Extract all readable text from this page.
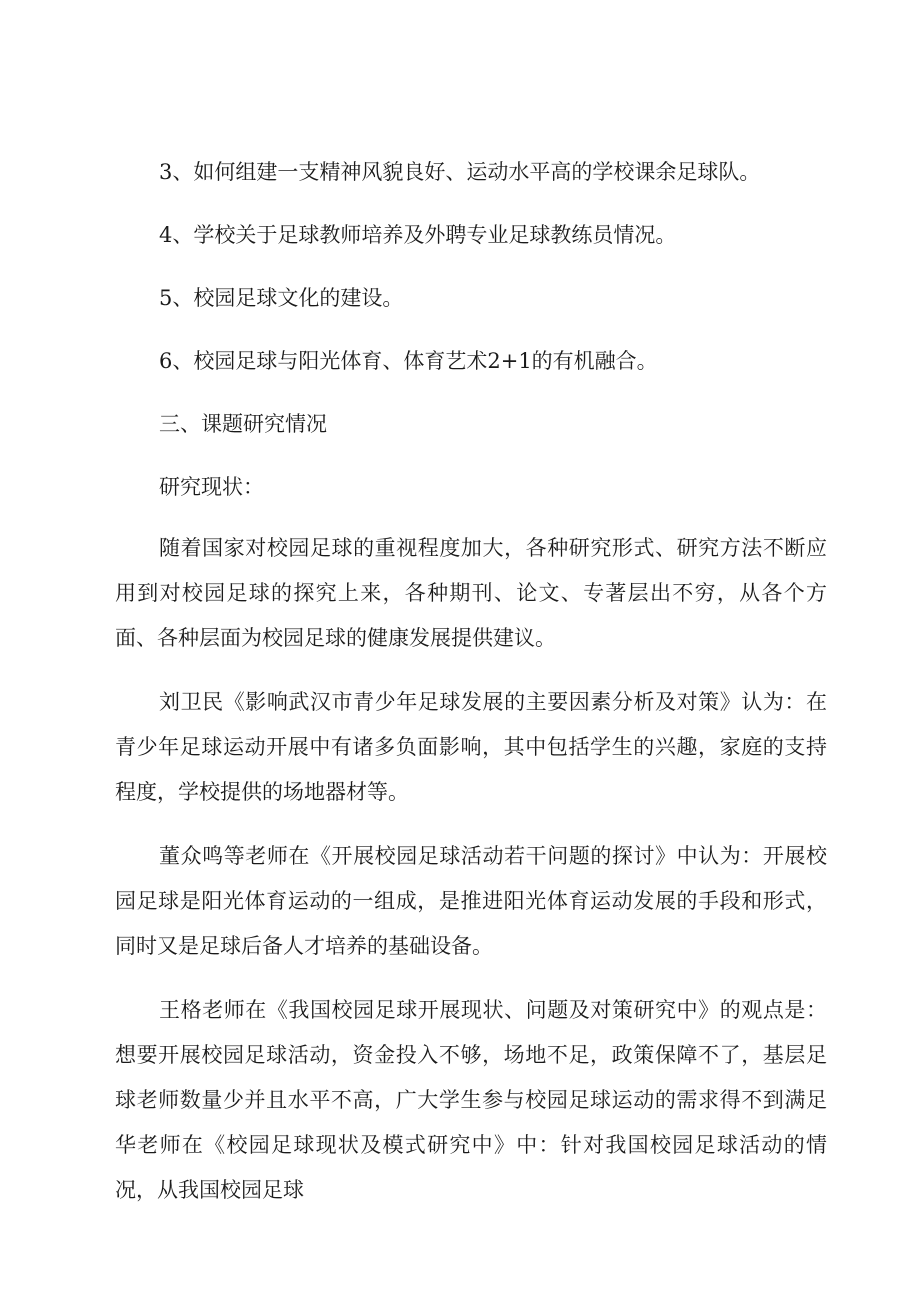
3、如何组建一支精神风貌良好、运动水平高的学校课余足球队。
4、学校关于足球教师培养及外聘专业足球教练员情况。
5、校园足球文化的建设。
6、校园足球与阳光体育、体育艺术2+1的有机融合。
三、课题研究情况
研究现状：

随着国家对校园足球的重视程度加大，各种研究形式、研究方法不断应用到对校园足球的探究上来，各种期刊、论文、专著层出不穷，从各个方面、各种层面为校园足球的健康发展提供建议。

刘卫民《影响武汉市青少年足球发展的主要因素分析及对策》认为：在青少年足球运动开展中有诸多负面影响，其中包括学生的兴趣，家庭的支持程度，学校提供的场地器材等。

董众鸣等老师在《开展校园足球活动若干问题的探讨》中认为：开展校园足球是阳光体育运动的一组成，是推进阳光体育运动发展的手段和形式，同时又是足球后备人才培养的基础设备。

王格老师在《我国校园足球开展现状、问题及对策研究中》的观点是：想要开展校园足球活动，资金投入不够，场地不足，政策保障不了，基层足球老师数量少并且水平不高，广大学生参与校园足球运动的需求得不到满足华老师在《校园足球现状及模式研究中》中：针对我国校园足球活动的情况，从我国校园足球
